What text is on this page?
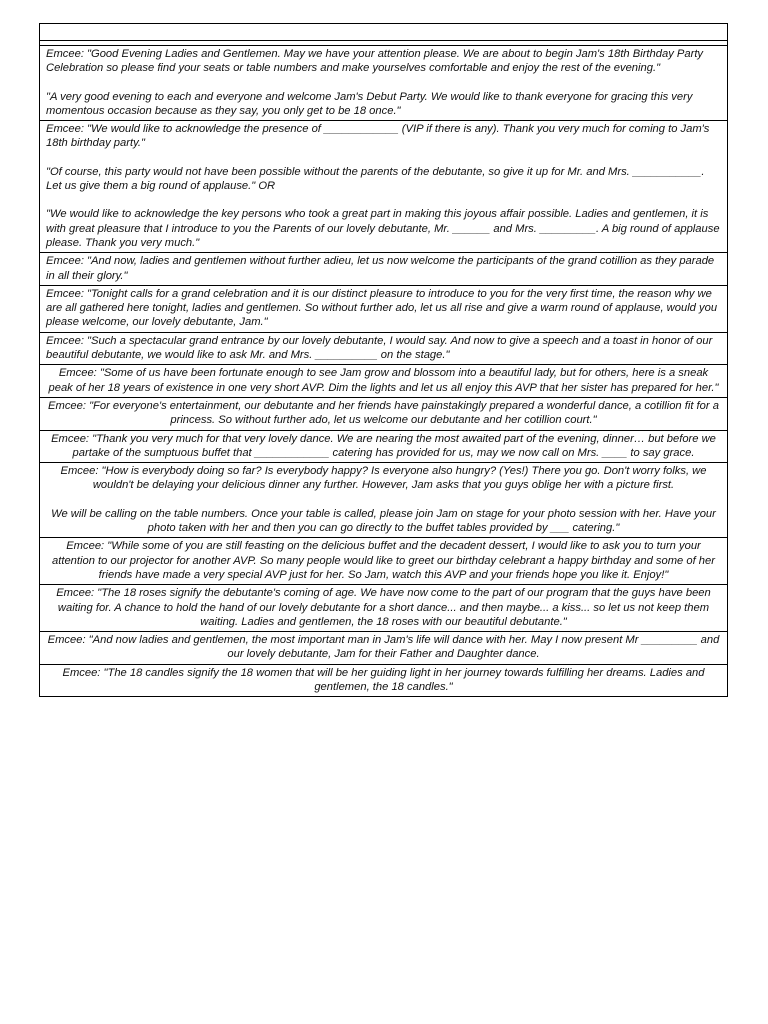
Emcee: "Good Evening Ladies and Gentlemen. May we have your attention please. We are about to begin Jam's 18th Birthday Party Celebration so please find your seats or table numbers and make yourselves comfortable and enjoy the rest of the evening."

"A very good evening to each and everyone and welcome Jam's Debut Party. We would like to thank everyone for gracing this very momentous occasion because as they say, you only get to be 18 once."

Emcee: "We would like to acknowledge the presence of ____________ (VIP if there is any). Thank you very much for coming to Jam's 18th birthday party."

"Of course, this party would not have been possible without the parents of the debutante, so give it up for Mr. and Mrs. ___________. Let us give them a big round of applause." OR

"We would like to acknowledge the key persons who took a great part in making this joyous affair possible. Ladies and gentlemen, it is with great pleasure that I introduce to you the Parents of our lovely debutante, Mr. ______ and Mrs. _________. A big round of applause please. Thank you very much."

Emcee: "And now, ladies and gentlemen without further adieu, let us now welcome the participants of the grand cotillion as they parade in all their glory."

Emcee: "Tonight calls for a grand celebration and it is our distinct pleasure to introduce to you for the very first time, the reason why we are all gathered here tonight, ladies and gentlemen. So without further ado, let us all rise and give a warm round of applause, would you please welcome, our lovely debutante, Jam."

Emcee: "Such a spectacular grand entrance by our lovely debutante, I would say. And now to give a speech and a toast in honor of our beautiful debutante, we would like to ask Mr. and Mrs. __________ on the stage."

Emcee: "Some of us have been fortunate enough to see Jam grow and blossom into a beautiful lady, but for others, here is a sneak peak of her 18 years of existence in one very short AVP. Dim the lights and let us all enjoy this AVP that her sister has prepared for her."

Emcee: "For everyone's entertainment, our debutante and her friends have painstakingly prepared a wonderful dance, a cotillion fit for a princess. So without further ado, let us welcome our debutante and her cotillion court."

Emcee: "Thank you very much for that very lovely dance. We are nearing the most awaited part of the evening, dinner… but before we partake of the sumptuous buffet that ____________ catering has provided for us, may we now call on Mrs. ____ to say grace.

Emcee: "How is everybody doing so far? Is everybody happy? Is everyone also hungry? (Yes!) There you go. Don't worry folks, we wouldn't be delaying your delicious dinner any further. However, Jam asks that you guys oblige her with a picture first.

We will be calling on the table numbers. Once your table is called, please join Jam on stage for your photo session with her. Have your photo taken with her and then you can go directly to the buffet tables provided by ___ catering."

Emcee: "While some of you are still feasting on the delicious buffet and the decadent dessert, I would like to ask you to turn your attention to our projector for another AVP. So many people would like to greet our birthday celebrant a happy birthday and some of her friends have made a very special AVP just for her. So Jam, watch this AVP and your friends hope you like it. Enjoy!"

Emcee: "The 18 roses signify the debutante's coming of age. We have now come to the part of our program that the guys have been waiting for. A chance to hold the hand of our lovely debutante for a short dance... and then maybe... a kiss... so let us not keep them waiting. Ladies and gentlemen, the 18 roses with our beautiful debutante."

Emcee: "And now ladies and gentlemen, the most important man in Jam's life will dance with her. May I now present Mr _________ and our lovely debutante, Jam for their Father and Daughter dance.

Emcee: "The 18 candles signify the 18 women that will be her guiding light in her journey towards fulfilling her dreams. Ladies and gentlemen, the 18 candles."
